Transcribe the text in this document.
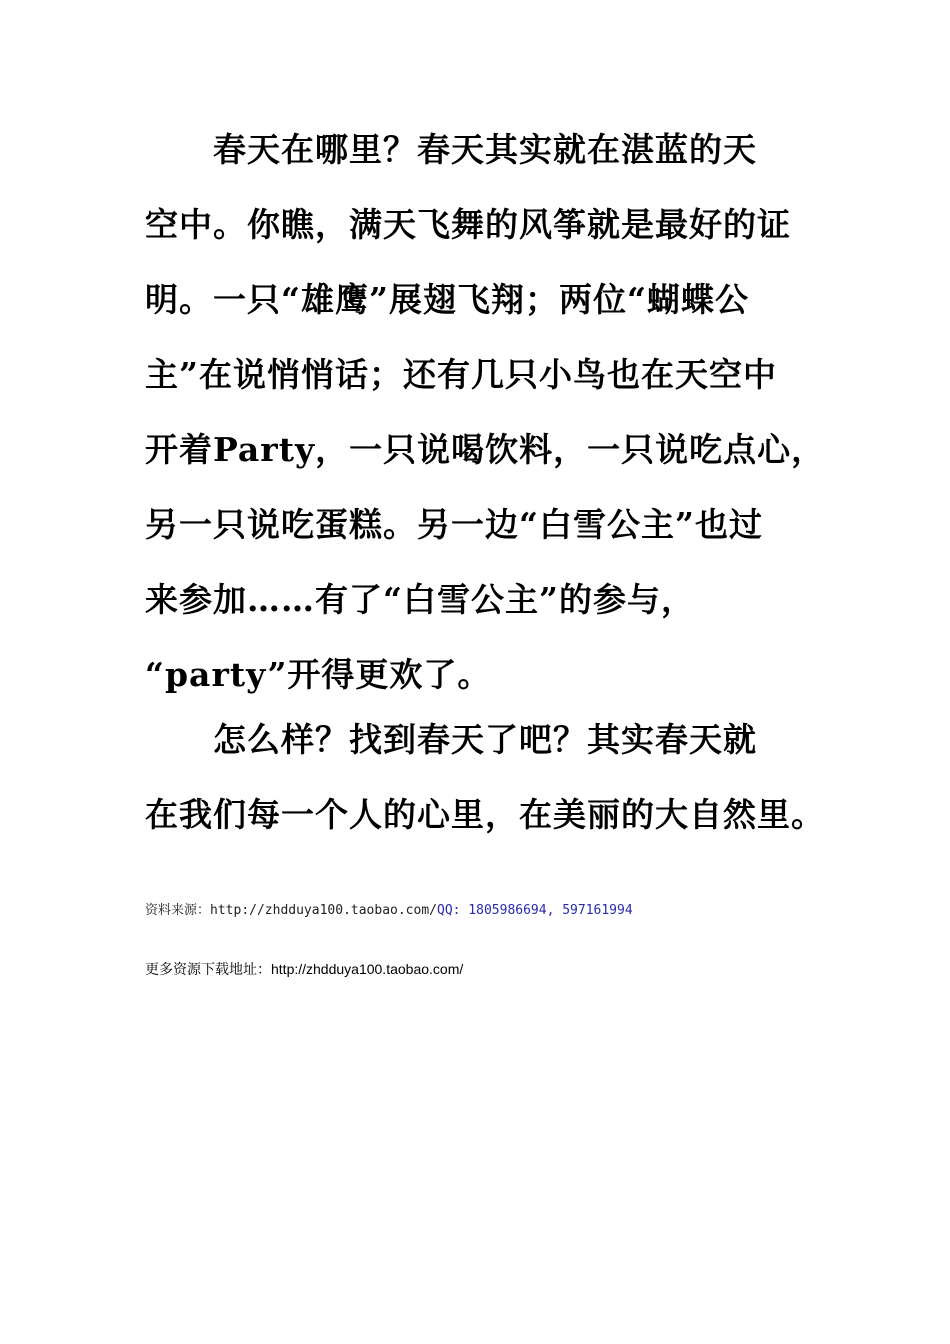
春天在哪里？春天其实就在湛蓝的天
空中。你瞧，满天飞舞的风筝就是最好的证
明。一只“雄鹰”展翅飞翔；两位“蝴蝶公
主”在说悄悄话；还有几只小鸟也在天空中
开着Party，一只说喝饮料，一只说吃点心，
另一只说吃蛋糕。另一边“白雪公主”也过
来参加……有了“白雪公主”的参与，
“party”开得更欢了。
怎么样？找到春天了吧？其实春天就
在我们每一个人的心里，在美丽的大自然里。
资料来源：http://zhdduya100.taobao.com/QQ: 1805986694, 597161994
更多资源下载地址：http://zhdduya100.taobao.com/
